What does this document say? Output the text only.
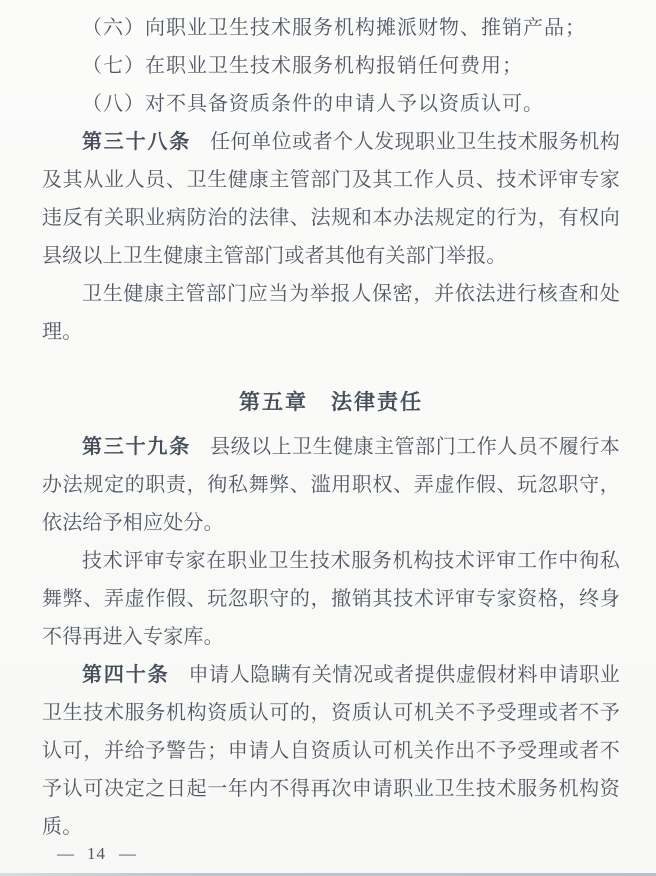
（六）向职业卫生技术服务机构摊派财物、推销产品；

（七）在职业卫生技术服务机构报销任何费用；

（八）对不具备资质条件的申请人予以资质认可。

第三十八条 任何单位或者个人发现职业卫生技术服务机构及其从业人员、卫生健康主管部门及其工作人员、技术评审专家违反有关职业病防治的法律、法规和本办法规定的行为，有权向县级以上卫生健康主管部门或者其他有关部门举报。

卫生健康主管部门应当为举报人保密，并依法进行核查和处理。

第五章　法律责任

第三十九条 县级以上卫生健康主管部门工作人员不履行本办法规定的职责，徇私舞弊、滥用职权、弄虚作假、玩忽职守，依法给予相应处分。

技术评审专家在职业卫生技术服务机构技术评审工作中徇私舞弊、弄虚作假、玩忽职守的，撤销其技术评审专家资格，终身不得再进入专家库。

第四十条 申请人隐瞒有关情况或者提供虚假材料申请职业卫生技术服务机构资质认可的，资质认可机关不予受理或者不予认可，并给予警告；申请人自资质认可机关作出不予受理或者不予认可决定之日起一年内不得再次申请职业卫生技术服务机构资质。

— 14 —
